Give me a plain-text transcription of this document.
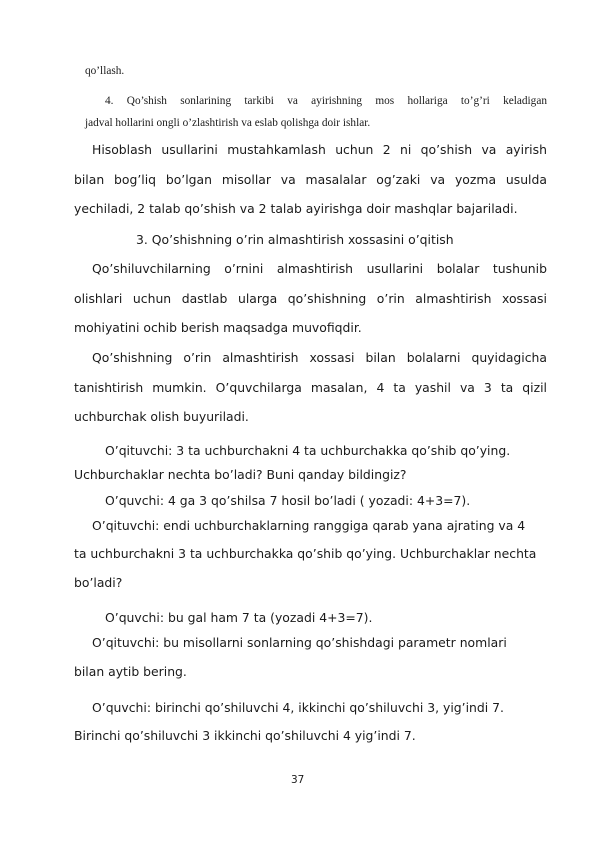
qo’llash.
4. Qo’shish sonlarining tarkibi va ayirishning mos hollariga to’g’ri keladigan
jadval hollarini ongli o’zlashtirish va eslab qolishga doir ishlar.
Hisoblash usullarini mustahkamlash uchun 2 ni qo’shish va ayirish
bilan bog’liq bo’lgan misollar va masalalar og’zaki va yozma usulda
yechiladi, 2 talab qo’shish va 2 talab ayirishga doir mashqlar bajariladi.
3. Qo’shishning o’rin almashtirish xossasini o’qitish
Qo’shiluvchilarning o’rnini almashtirish usullarini bolalar tushunib
olishlari uchun dastlab ularga qo’shishning o’rin almashtirish xossasi
mohiyatini ochib berish maqsadga muvofiqdir.
Qo’shishning o’rin almashtirish xossasi bilan bolalarni quyidagicha
tanishtirish mumkin. O’quvchilarga masalan, 4 ta yashil va 3 ta qizil
uchburchak olish buyuriladi.
O’qituvchi: 3 ta uchburchakni 4 ta uchburchakka qo’shib qo’ying.
Uchburchaklar nechta bo’ladi? Buni qanday bildingiz?
O’quvchi: 4 ga 3 qo’shilsa 7 hosil bo’ladi ( yozadi: 4+3=7).
O’qituvchi: endi uchburchaklarning ranggiga qarab yana ajrating va 4
ta uchburchakni 3 ta uchburchakka qo’shib qo’ying. Uchburchaklar nechta
bo’ladi?
O’quvchi: bu gal ham 7 ta (yozadi 4+3=7).
O’qituvchi: bu misollarni sonlarning qo’shishdagi parametr nomlari
bilan aytib bering.
O’quvchi: birinchi qo’shiluvchi 4, ikkinchi qo’shiluvchi 3, yig’indi 7.
Birinchi qo’shiluvchi 3 ikkinchi qo’shiluvchi 4 yig’indi 7.
37
